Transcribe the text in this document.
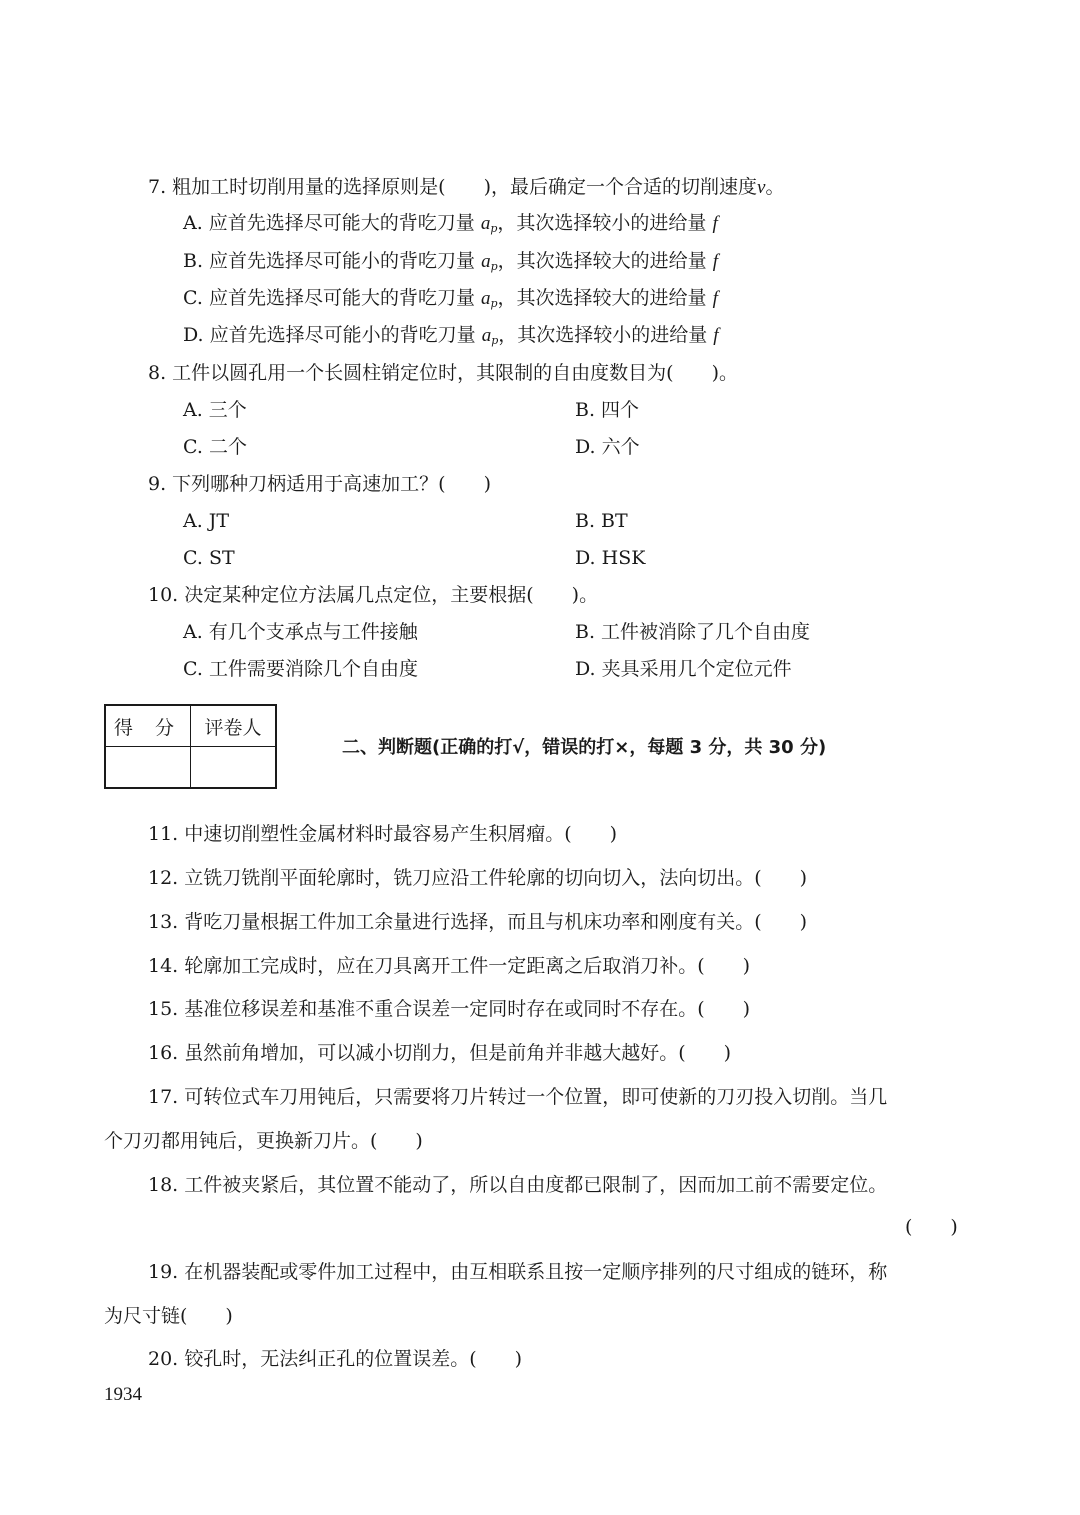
7. 粗加工时切削用量的选择原则是(　　)，最后确定一个合适的切削速度v。
A. 应首先选择尽可能大的背吃刀量 $a_p$，其次选择较小的进给量 f
B. 应首先选择尽可能小的背吃刀量 $a_p$，其次选择较大的进给量 f
C. 应首先选择尽可能大的背吃刀量 $a_p$，其次选择较大的进给量 f
D. 应首先选择尽可能小的背吃刀量 $a_p$，其次选择较小的进给量 f
8. 工件以圆孔用一个长圆柱销定位时，其限制的自由度数目为(　　)。
A. 三个	B. 四个
C. 二个	D. 六个
9. 下列哪种刀柄适用于高速加工？(　　)
A. JT	B. BT
C. ST	D. HSK
10. 决定某种定位方法属几点定位，主要根据(　　)。
A. 有几个支承点与工件接触	B. 工件被消除了几个自由度
C. 工件需要消除几个自由度	D. 夹具采用几个定位元件
得 分	评卷人

二、判断题(正确的打√，错误的打×，每题 3 分，共 30 分)
11. 中速切削塑性金属材料时最容易产生积屑瘤。(　　)
12. 立铣刀铣削平面轮廓时，铣刀应沿工件轮廓的切向切入，法向切出。(　　)
13. 背吃刀量根据工件加工余量进行选择，而且与机床功率和刚度有关。(　　)
14. 轮廓加工完成时，应在刀具离开工件一定距离之后取消刀补。(　　)
15. 基准位移误差和基准不重合误差一定同时存在或同时不存在。(　　)
16. 虽然前角增加，可以减小切削力，但是前角并非越大越好。(　　)
17. 可转位式车刀用钝后，只需要将刀片转过一个位置，即可使新的刀刃投入切削。当几
个刀刃都用钝后，更换新刀片。(　　)
18. 工件被夹紧后，其位置不能动了，所以自由度都已限制了，因而加工前不需要定位。
(　　)
19. 在机器装配或零件加工过程中，由互相联系且按一定顺序排列的尺寸组成的链环，称
为尺寸链(　　)
20. 铰孔时，无法纠正孔的位置误差。(　　)
1934
